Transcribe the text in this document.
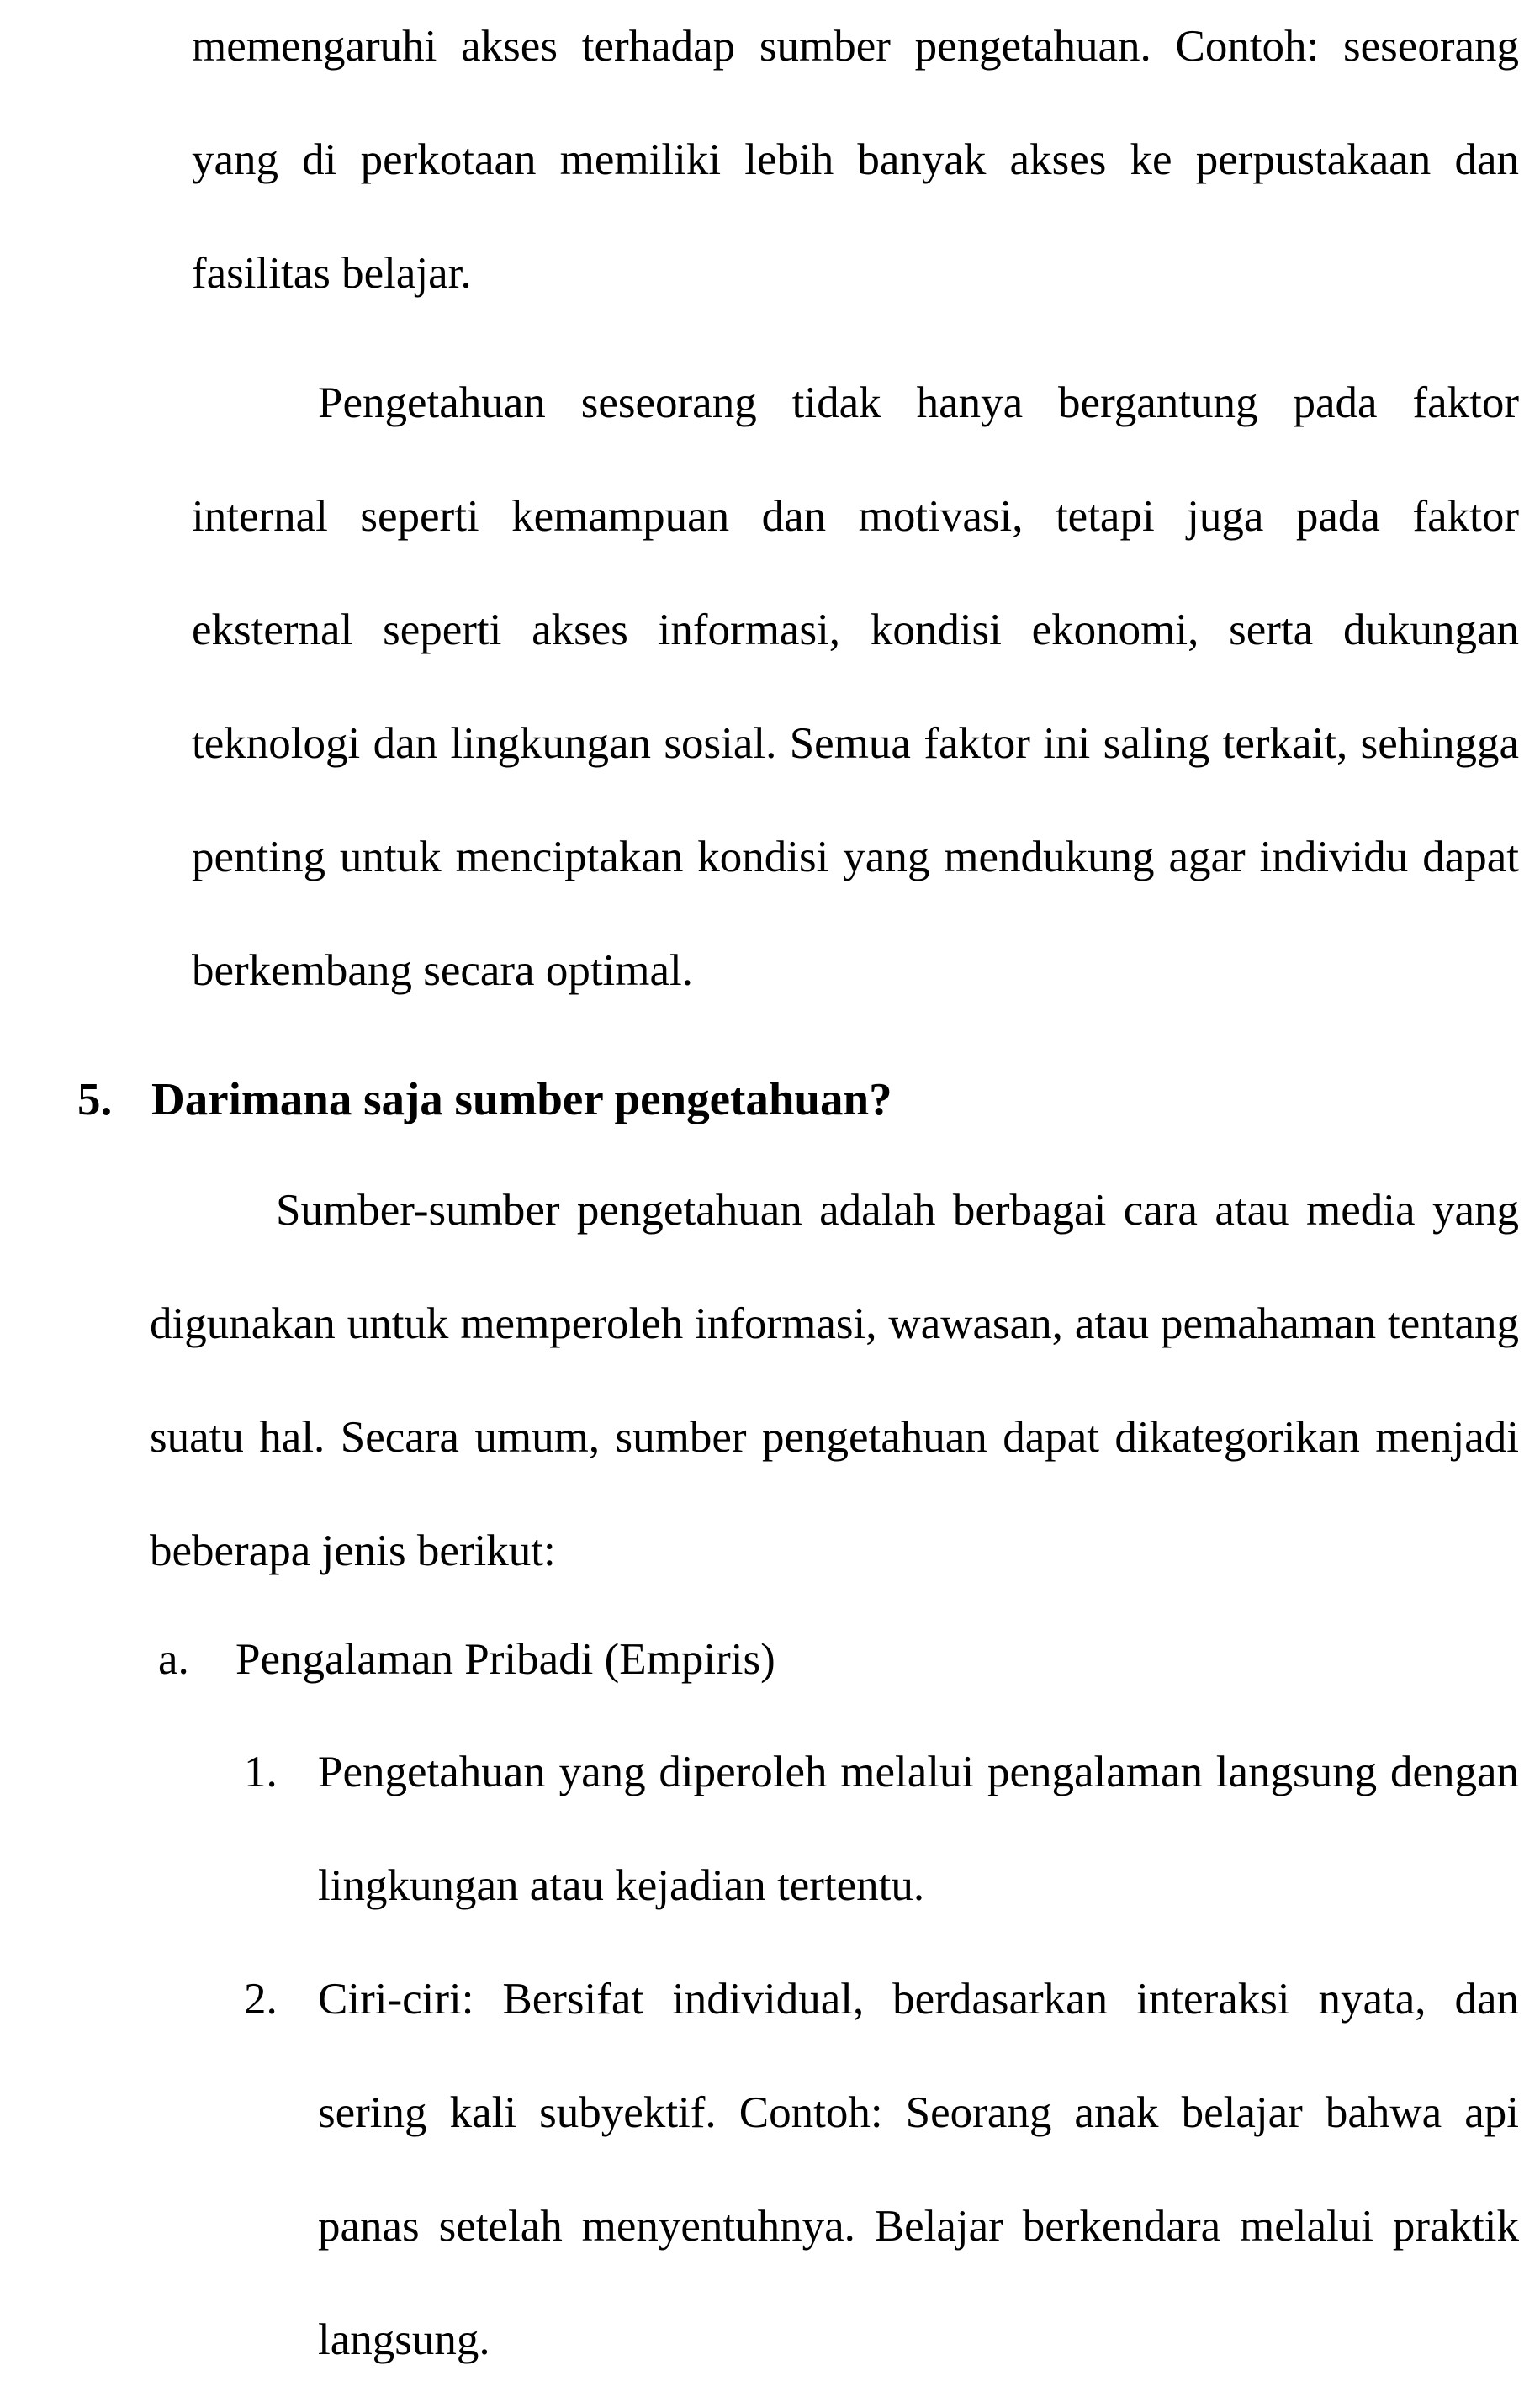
memengaruhi akses terhadap sumber pengetahuan. Contoh: seseorang yang di perkotaan memiliki lebih banyak akses ke perpustakaan dan fasilitas belajar.

Pengetahuan seseorang tidak hanya bergantung pada faktor internal seperti kemampuan dan motivasi, tetapi juga pada faktor eksternal seperti akses informasi, kondisi ekonomi, serta dukungan teknologi dan lingkungan sosial. Semua faktor ini saling terkait, sehingga penting untuk menciptakan kondisi yang mendukung agar individu dapat berkembang secara optimal.

5. Darimana saja sumber pengetahuan?

Sumber-sumber pengetahuan adalah berbagai cara atau media yang digunakan untuk memperoleh informasi, wawasan, atau pemahaman tentang suatu hal. Secara umum, sumber pengetahuan dapat dikategorikan menjadi beberapa jenis berikut:

a. Pengalaman Pribadi (Empiris)
1. Pengetahuan yang diperoleh melalui pengalaman langsung dengan lingkungan atau kejadian tertentu.

2. Ciri-ciri: Bersifat individual, berdasarkan interaksi nyata, dan sering kali subyektif. Contoh: Seorang anak belajar bahwa api panas setelah menyentuhnya. Belajar berkendara melalui praktik langsung.
